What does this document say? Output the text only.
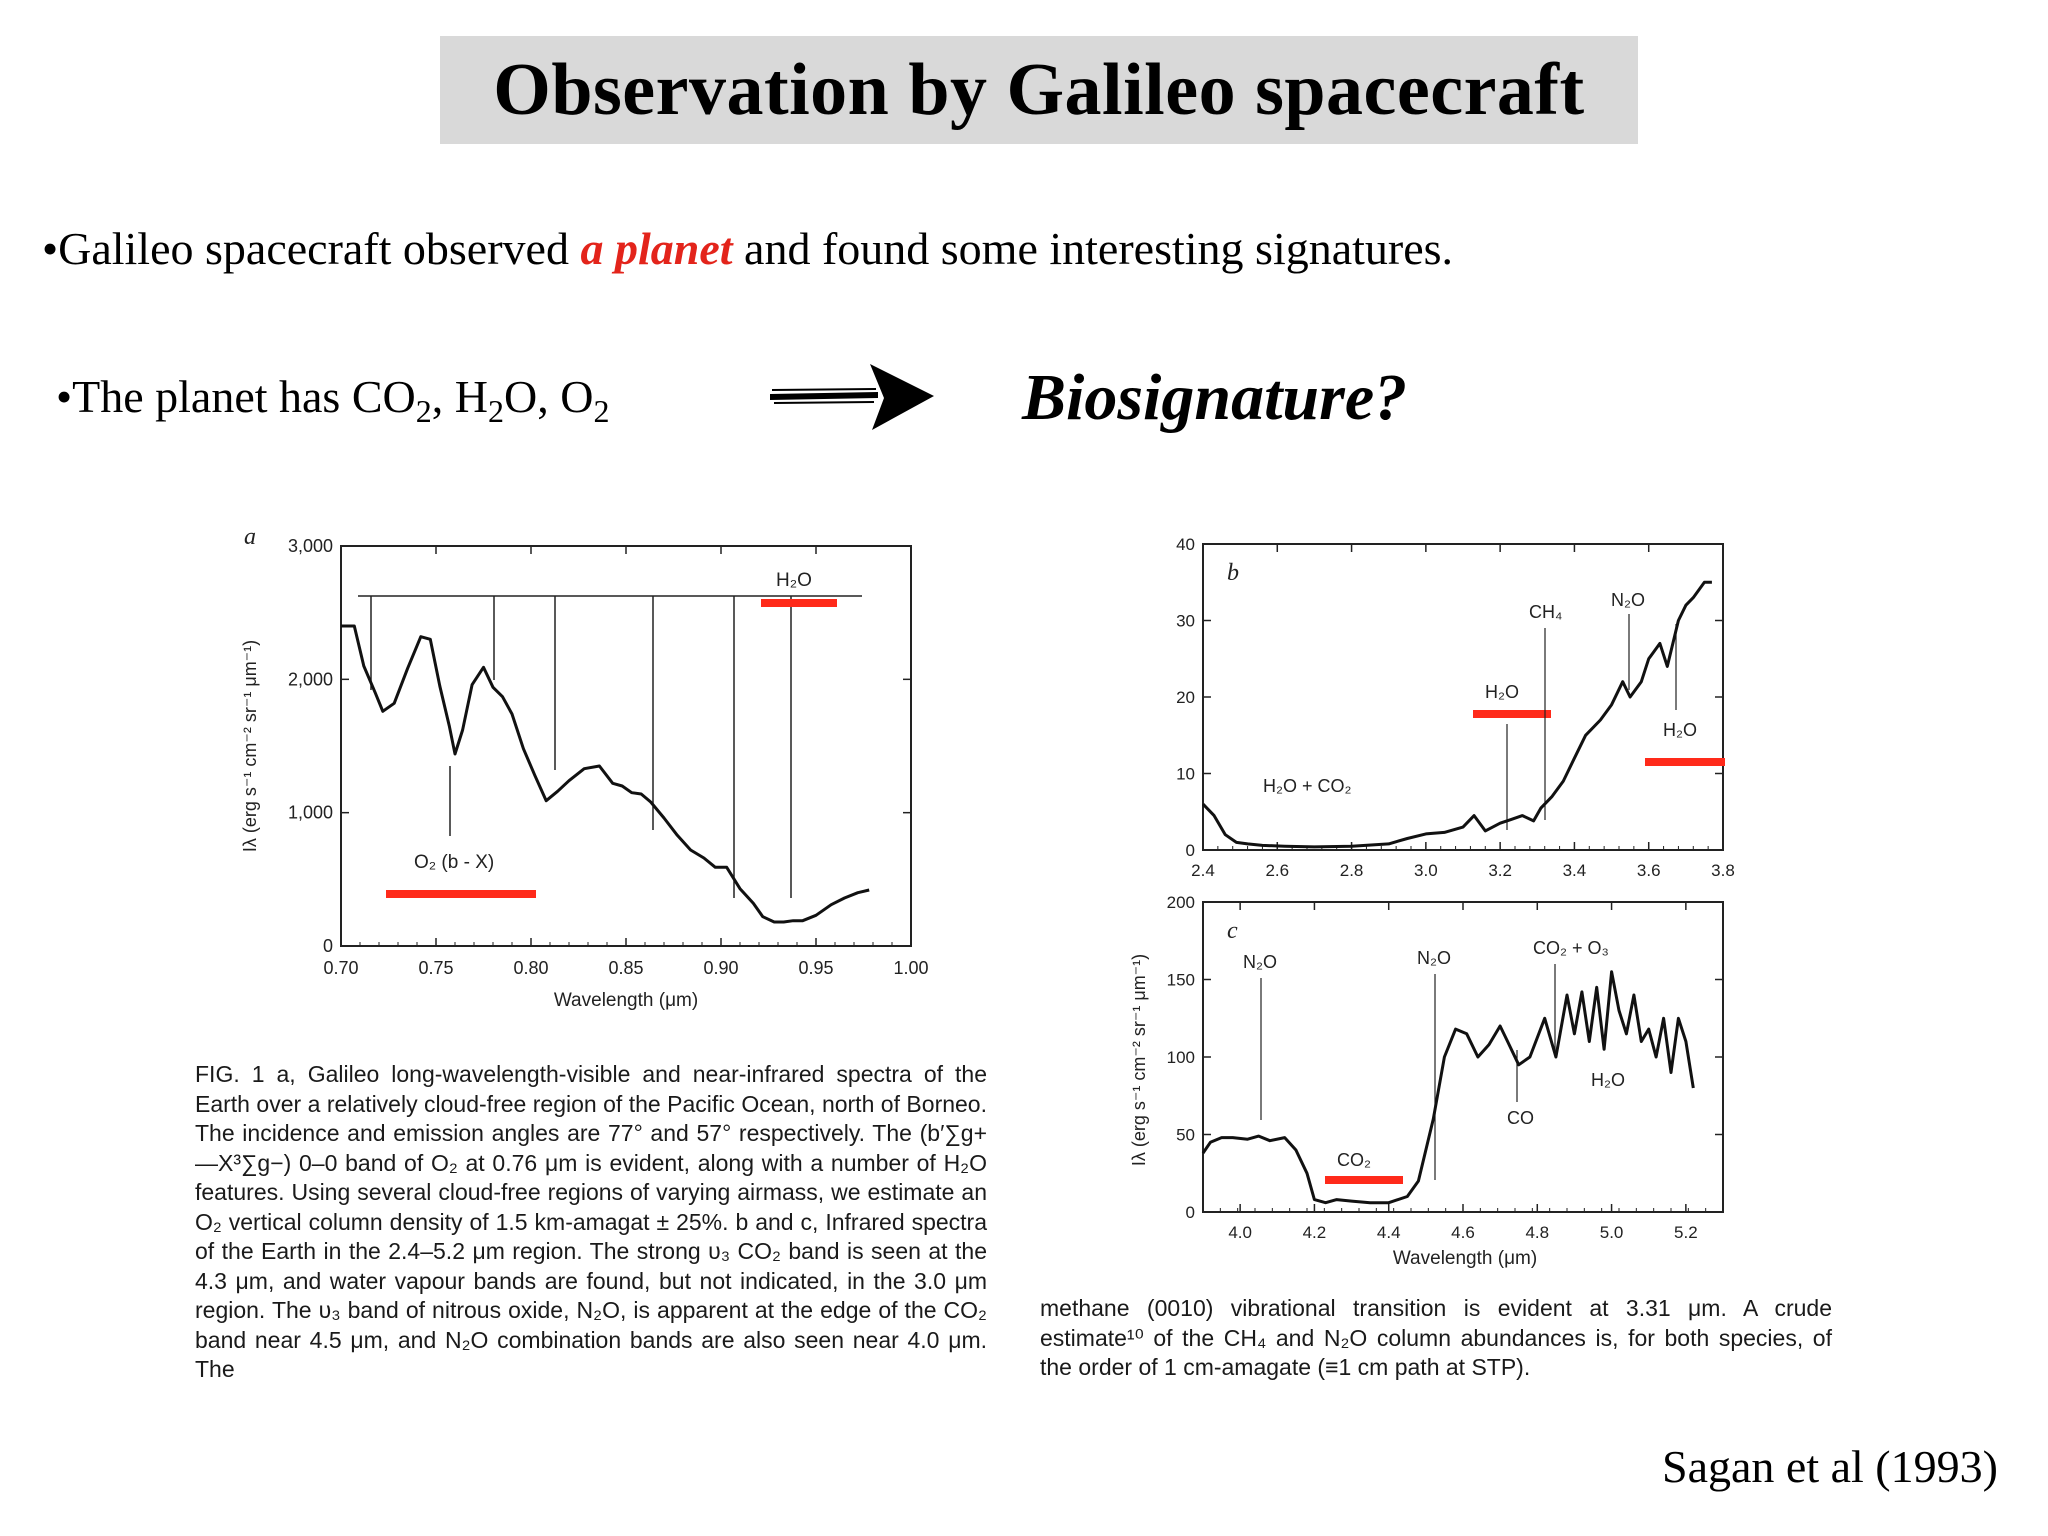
Observation by Galileo spacecraft
•Galileo spacecraft observed a planet and found some interesting signatures.
•The planet has $CO_2$, $H_2O$, $O_2$	Biosignature?
a
0.70	0.75	0.80	0.85	0.90	0.95	1.00
0
1,000
2,000
3,000
Wavelength (μm)
Iλ (erg s⁻¹ cm⁻² sr⁻¹ μm⁻¹)
H₂O
O₂ (b - X)
b
2.4	2.6	2.8	3.0	3.2	3.4	3.6	3.8
0
10
20
30
40
H₂O + CO₂
H₂O
CH₄
N₂O
H₂O
c
4.0	4.2	4.4	4.6	4.8	5.0	5.2
0
50
100
150
200
Wavelength (μm)
N₂O	N₂O	CO₂ + O₃
CO₂
CO
H₂O
Iλ (erg s⁻¹ cm⁻² sr⁻¹ μm⁻¹)
FIG. 1 a, Galileo long-wavelength-visible and near-infrared spectra of the Earth over a relatively cloud-free region of the Pacific Ocean, north of Borneo. The incidence and emission angles are 77° and 57° respectively. The (b′∑g+—X³∑g−) 0–0 band of O₂ at 0.76 μm is evident, along with a number of H₂O features. Using several cloud-free regions of varying airmass, we estimate an O₂ vertical column density of 1.5 km-amagat ± 25%. b and c, Infrared spectra of the Earth in the 2.4–5.2 μm region. The strong υ₃ CO₂ band is seen at the 4.3 μm, and water vapour bands are found, but not indicated, in the 3.0 μm region. The υ₃ band of nitrous oxide, N₂O, is apparent at the edge of the CO₂ band near 4.5 μm, and N₂O combination bands are also seen near 4.0 μm. The
methane (0010) vibrational transition is evident at 3.31 μm. A crude estimate¹⁰ of the CH₄ and N₂O column abundances is, for both species, of the order of 1 cm-amagate (≡1 cm path at STP).
Sagan et al (1993)
